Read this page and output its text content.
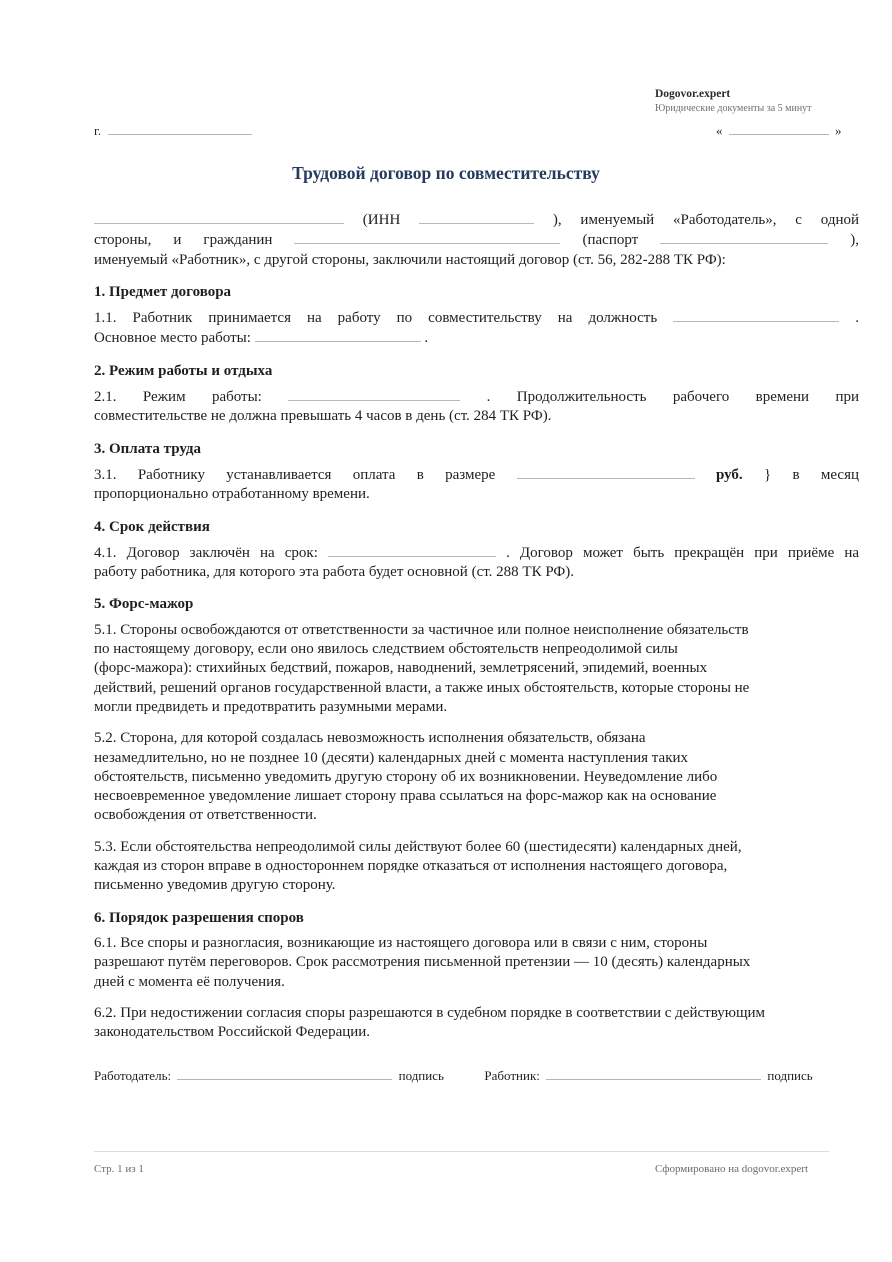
Dogovor.expert
Юридические документы за 5 минут
г.	«	»
Трудовой договор по совместительству

(ИНН	), именуемый «Работодатель», с одной

стороны, и гражданин	(паспорт	),

именуемый «Работник», с другой стороны, заключили настоящий договор (ст. 56, 282-288 ТК РФ):

1. Предмет договора

1.1. Работник принимается на работу по совместительству на должность	.

Основное место работы:	.

2. Режим работы и отдыха

2.1. Режим работы:	. Продолжительность рабочего времени при

совместительстве не должна превышать 4 часов в день (ст. 284 ТК РФ).

3. Оплата труда

3.1. Работнику устанавливается оплата в размере	руб. } в месяц

пропорционально отработанному времени.

4. Срок действия

4.1. Договор заключён на срок:	. Договор может быть прекращён при приёме на

работу работника, для которого эта работа будет основной (ст. 288 ТК РФ).

5. Форс-мажор

5.1. Стороны освобождаются от ответственности за частичное или полное неисполнение обязательств
по настоящему договору, если оно явилось следствием обстоятельств непреодолимой силы
(форс-мажора): стихийных бедствий, пожаров, наводнений, землетрясений, эпидемий, военных
действий, решений органов государственной власти, а также иных обстоятельств, которые стороны не
могли предвидеть и предотвратить разумными мерами.
5.2. Сторона, для которой создалась невозможность исполнения обязательств, обязана
незамедлительно, но не позднее 10 (десяти) календарных дней с момента наступления таких
обстоятельств, письменно уведомить другую сторону об их возникновении. Неуведомление либо
несвоевременное уведомление лишает сторону права ссылаться на форс-мажор как на основание
освобождения от ответственности.
5.3. Если обстоятельства непреодолимой силы действуют более 60 (шестидесяти) календарных дней,
каждая из сторон вправе в одностороннем порядке отказаться от исполнения настоящего договора,
письменно уведомив другую сторону.

6. Порядок разрешения споров

6.1. Все споры и разногласия, возникающие из настоящего договора или в связи с ним, стороны
разрешают путём переговоров. Срок рассмотрения письменной претензии — 10 (десять) календарных
дней с момента её получения.
6.2. При недостижении согласия споры разрешаются в судебном порядке в соответствии с действующим
законодательством Российской Федерации.
Работодатель:	подпись	Работник:	подпись
Стр. 1 из 1	Сформировано на dogovor.expert
